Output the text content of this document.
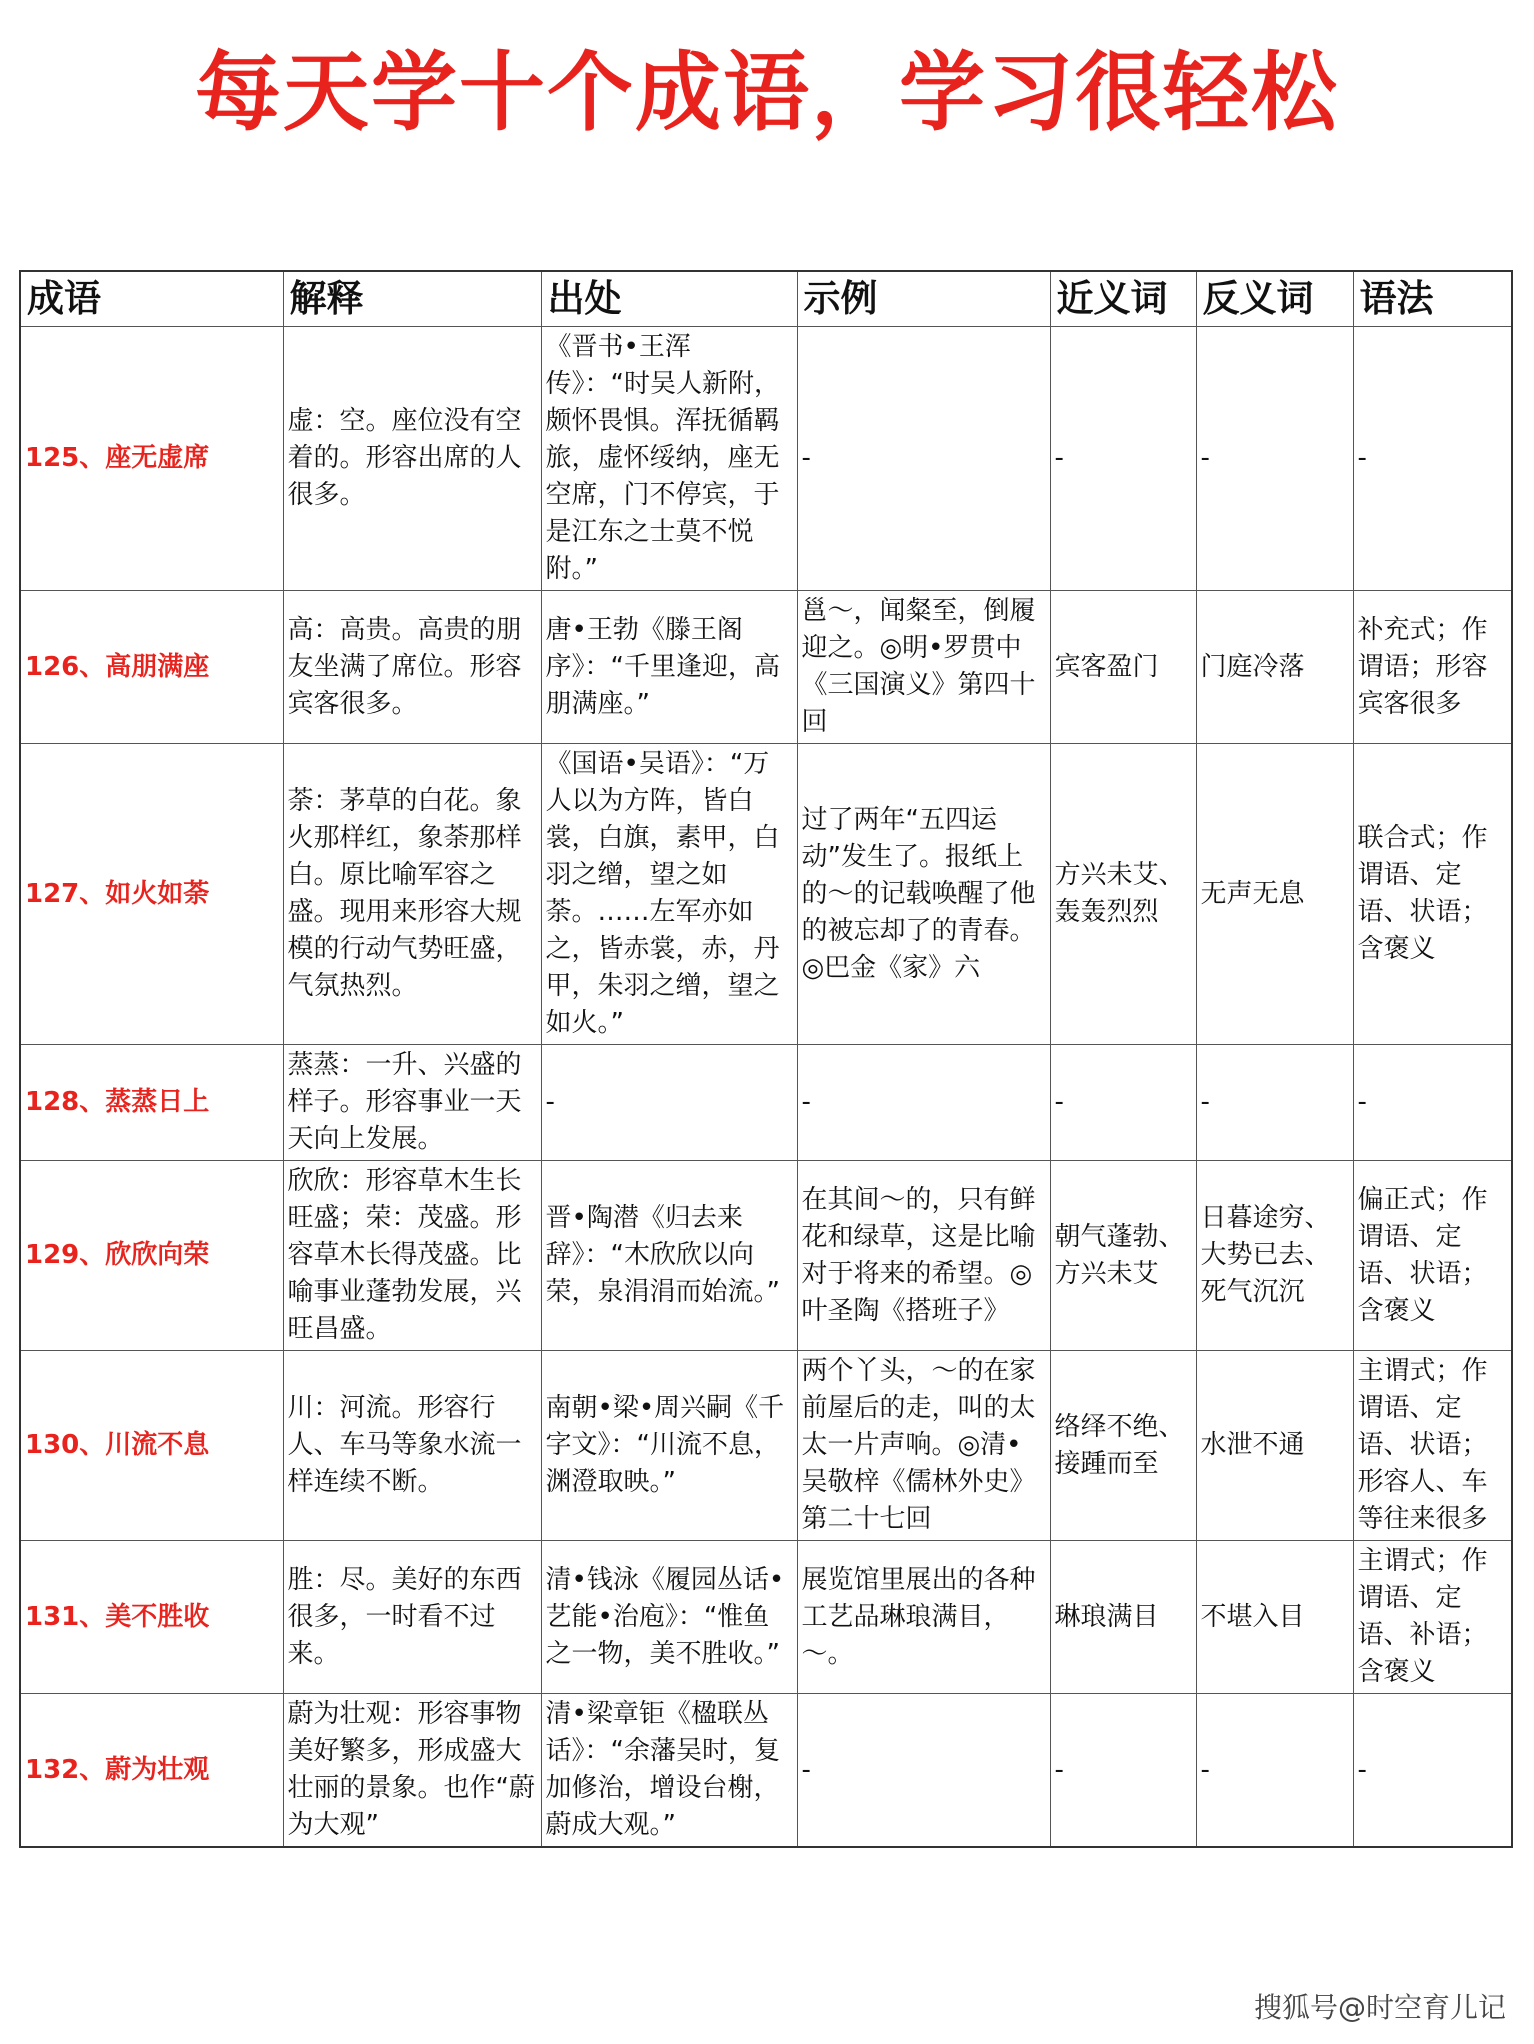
每天学十个成语，学习很轻松
成语	解释	出处	示例	近义词	反义词	语法
125、座无虚席	虚：空。座位没有空着的。形容出席的人很多。	《晋书•王浑传》：“时吴人新附，颇怀畏惧。浑抚循羁旅，虚怀绥纳，座无空席，门不停宾，于是江东之士莫不悦附。”	-	-	-	-
126、高朋满座	高：高贵。高贵的朋友坐满了席位。形容宾客很多。	唐•王勃《滕王阁序》：“千里逢迎，高朋满座。”	邕～，闻粲至，倒履迎之。◎明•罗贯中《三国演义》第四十回	宾客盈门	门庭冷落	补充式；作谓语；形容宾客很多
127、如火如荼	荼：茅草的白花。象火那样红，象荼那样白。原比喻军容之盛。现用来形容大规模的行动气势旺盛，气氛热烈。	《国语•吴语》：“万人以为方阵，皆白裳，白旗，素甲，白羽之缯，望之如荼。……左军亦如之，皆赤裳，赤，丹甲，朱羽之缯，望之如火。”	过了两年“五四运动”发生了。报纸上的～的记载唤醒了他的被忘却了的青春。◎巴金《家》六	方兴未艾、轰轰烈烈	无声无息	联合式；作谓语、定语、状语；含褒义
128、蒸蒸日上	蒸蒸：一升、兴盛的样子。形容事业一天天向上发展。	-	-	-	-	-
129、欣欣向荣	欣欣：形容草木生长旺盛；荣：茂盛。形容草木长得茂盛。比喻事业蓬勃发展，兴旺昌盛。	晋•陶潜《归去来辞》：“木欣欣以向荣，泉涓涓而始流。”	在其间～的，只有鲜花和绿草，这是比喻对于将来的希望。◎叶圣陶《搭班子》	朝气蓬勃、方兴未艾	日暮途穷、大势已去、死气沉沉	偏正式；作谓语、定语、状语；含褒义
130、川流不息	川：河流。形容行人、车马等象水流一样连续不断。	南朝•梁•周兴嗣《千字文》：“川流不息，渊澄取映。”	两个丫头，～的在家前屋后的走，叫的太太一片声响。◎清•吴敬梓《儒林外史》第二十七回	络绎不绝、接踵而至	水泄不通	主谓式；作谓语、定语、状语；形容人、车等往来很多
131、美不胜收	胜：尽。美好的东西很多，一时看不过来。	清•钱泳《履园丛话•艺能•治庖》：“惟鱼之一物，美不胜收。”	展览馆里展出的各种工艺品琳琅满目，～。	琳琅满目	不堪入目	主谓式；作谓语、定语、补语；含褒义
132、蔚为壮观	蔚为壮观：形容事物美好繁多，形成盛大壮丽的景象。也作“蔚为大观”	清•梁章钜《楹联丛话》：“余藩吴时，复加修治，增设台榭，蔚成大观。”	-	-	-	-
搜狐号@时空育儿记
